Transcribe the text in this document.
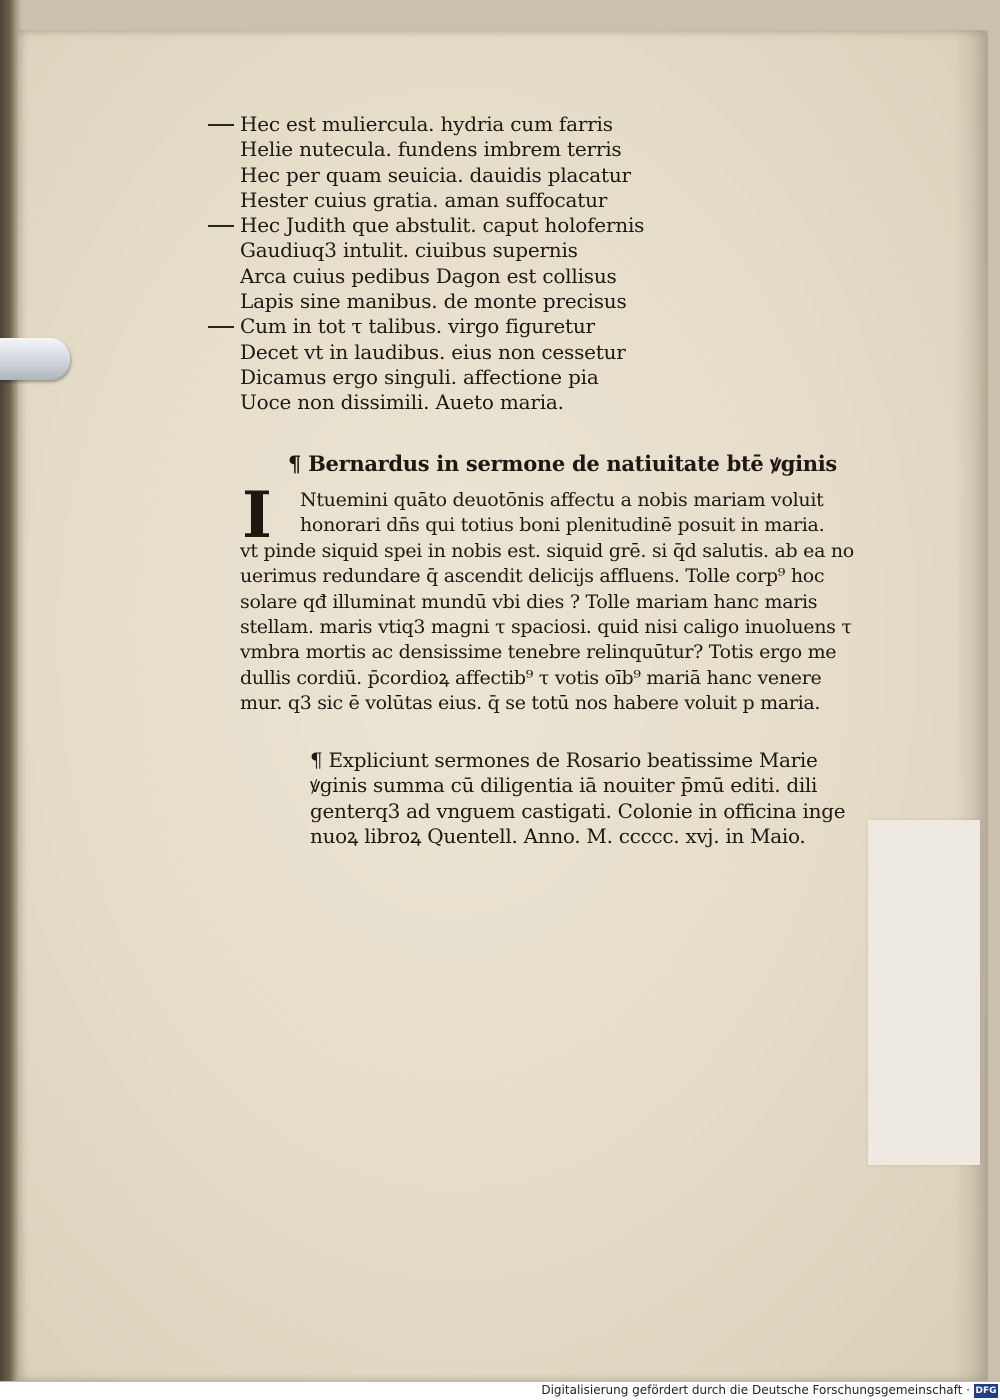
Hec est muliercula. hydria cum farris
Helie nutecula. fundens imbrem terris
Hec per quam seuicia. dauidis placatur
Hester cuius gratia. aman suffocatur
Hec Judith que abstulit. caput holofernis
Gaudiuq3 intulit. ciuibus supernis
Arca cuius pedibus Dagon est collisus
Lapis sine manibus. de monte precisus
Cum in tot τ talibus. virgo figuretur
Decet vt in laudibus. eius non cessetur
Dicamus ergo singuli. affectione pia
Uoce non dissimili. Aueto maria.
¶ Bernardus in sermone de natiuitate btē ꝟginis
I	Ntuemini quāto deuotōnis affectu a nobis mariam voluit
honorari dn̄s qui totius boni plenitudinē posuit in maria.
vt pinde siquid spei in nobis est. siquid grē. si q̄d salutis. ab ea no
uerimus redundare q̄ ascendit delicijs affluens. Tolle corp⁹ hoc
solare qđ illuminat mundū vbi dies ? Tolle mariam hanc maris
stellam. maris vtiq3 magni τ spaciosi. quid nisi caligo inuoluens τ
vmbra mortis ac densissime tenebre relinquūtur? Totis ergo me
dullis cordiū. p̄cordioꝝ affectib⁹ τ votis oīb⁹ mariā hanc venere
mur. q3 sic ē volūtas eius. q̄ se totū nos habere voluit p maria.
¶ Expliciunt sermones de Rosario beatissime Marie
ꝟginis summa cū diligentia iā nouiter p̄mū editi. dili
genterq3 ad vnguem castigati. Colonie in officina inge
nuoꝝ libroꝝ Quentell. Anno. M. ccccc. xvj. in Maio.
Digitalisierung gefördert durch die Deutsche Forschungsgemeinschaft · DFG
